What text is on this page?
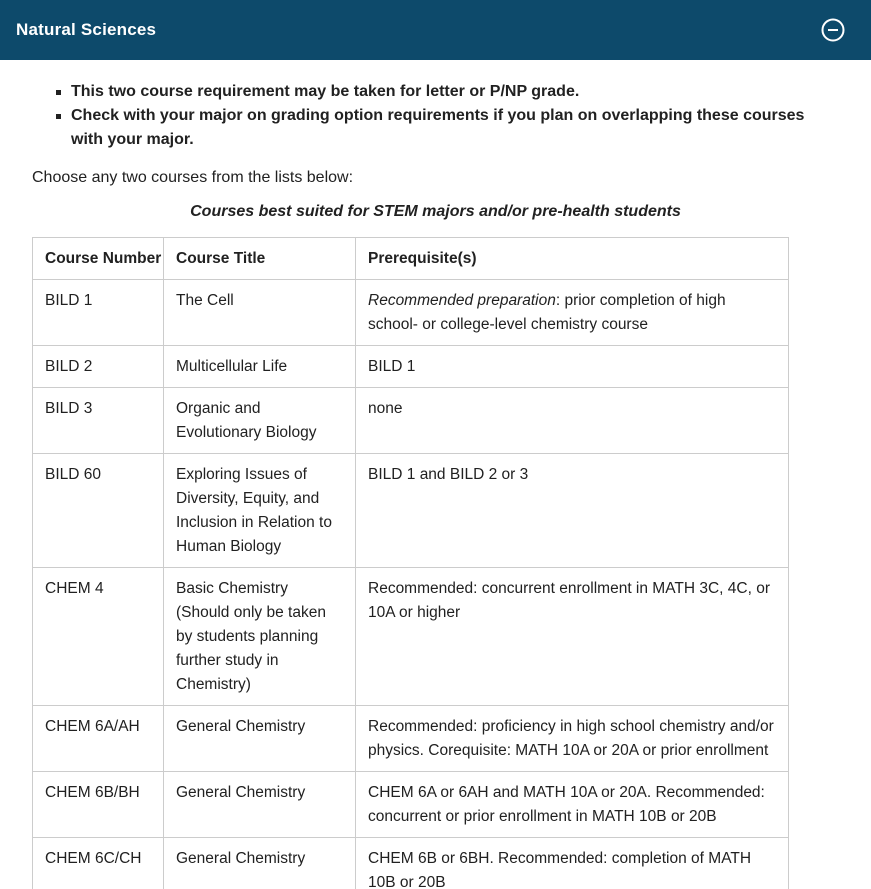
Natural Sciences
This two course requirement may be taken for letter or P/NP grade.
Check with your major on grading option requirements if you plan on overlapping these courses with your major.

Choose any two courses from the lists below:

Courses best suited for STEM majors and/or pre-health students

Course Number	Course Title	Prerequisite(s)
BILD 1	The Cell	Recommended preparation: prior completion of high school- or college-level chemistry course
BILD 2	Multicellular Life	BILD 1
BILD 3	Organic and Evolutionary Biology	none
BILD 60	Exploring Issues of Diversity, Equity, and Inclusion in Relation to Human Biology	BILD 1 and BILD 2 or 3
CHEM 4	Basic Chemistry (Should only be taken by students planning further study in Chemistry)	Recommended: concurrent enrollment in MATH 3C, 4C, or 10A or higher
CHEM 6A/AH	General Chemistry	Recommended: proficiency in high school chemistry and/or physics. Corequisite: MATH 10A or 20A or prior enrollment
CHEM 6B/BH	General Chemistry	CHEM 6A or 6AH and MATH 10A or 20A. Recommended: concurrent or prior enrollment in MATH 10B or 20B
CHEM 6C/CH	General Chemistry	CHEM 6B or 6BH. Recommended: completion of MATH 10B or 20B
